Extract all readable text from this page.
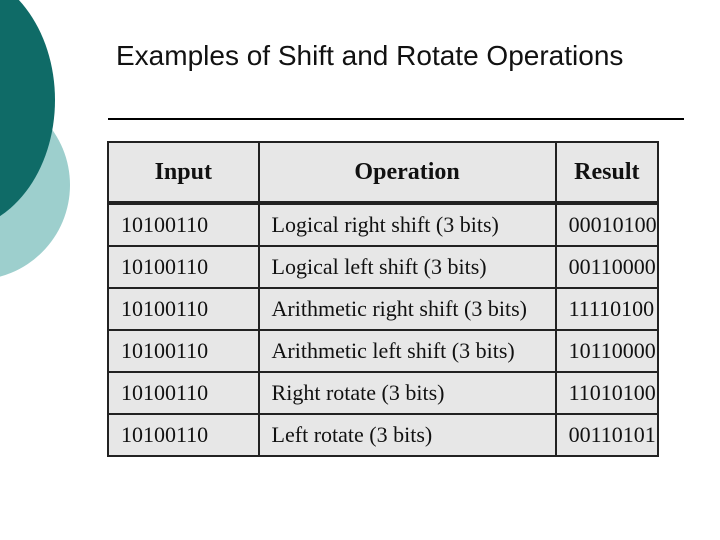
Examples of Shift and Rotate Operations
Input	Operation	Result
10100110	Logical right shift (3 bits)	00010100
10100110	Logical left shift (3 bits)	00110000
10100110	Arithmetic right shift (3 bits)	11110100
10100110	Arithmetic left shift (3 bits)	10110000
10100110	Right rotate (3 bits)	11010100
10100110	Left rotate (3 bits)	00110101
